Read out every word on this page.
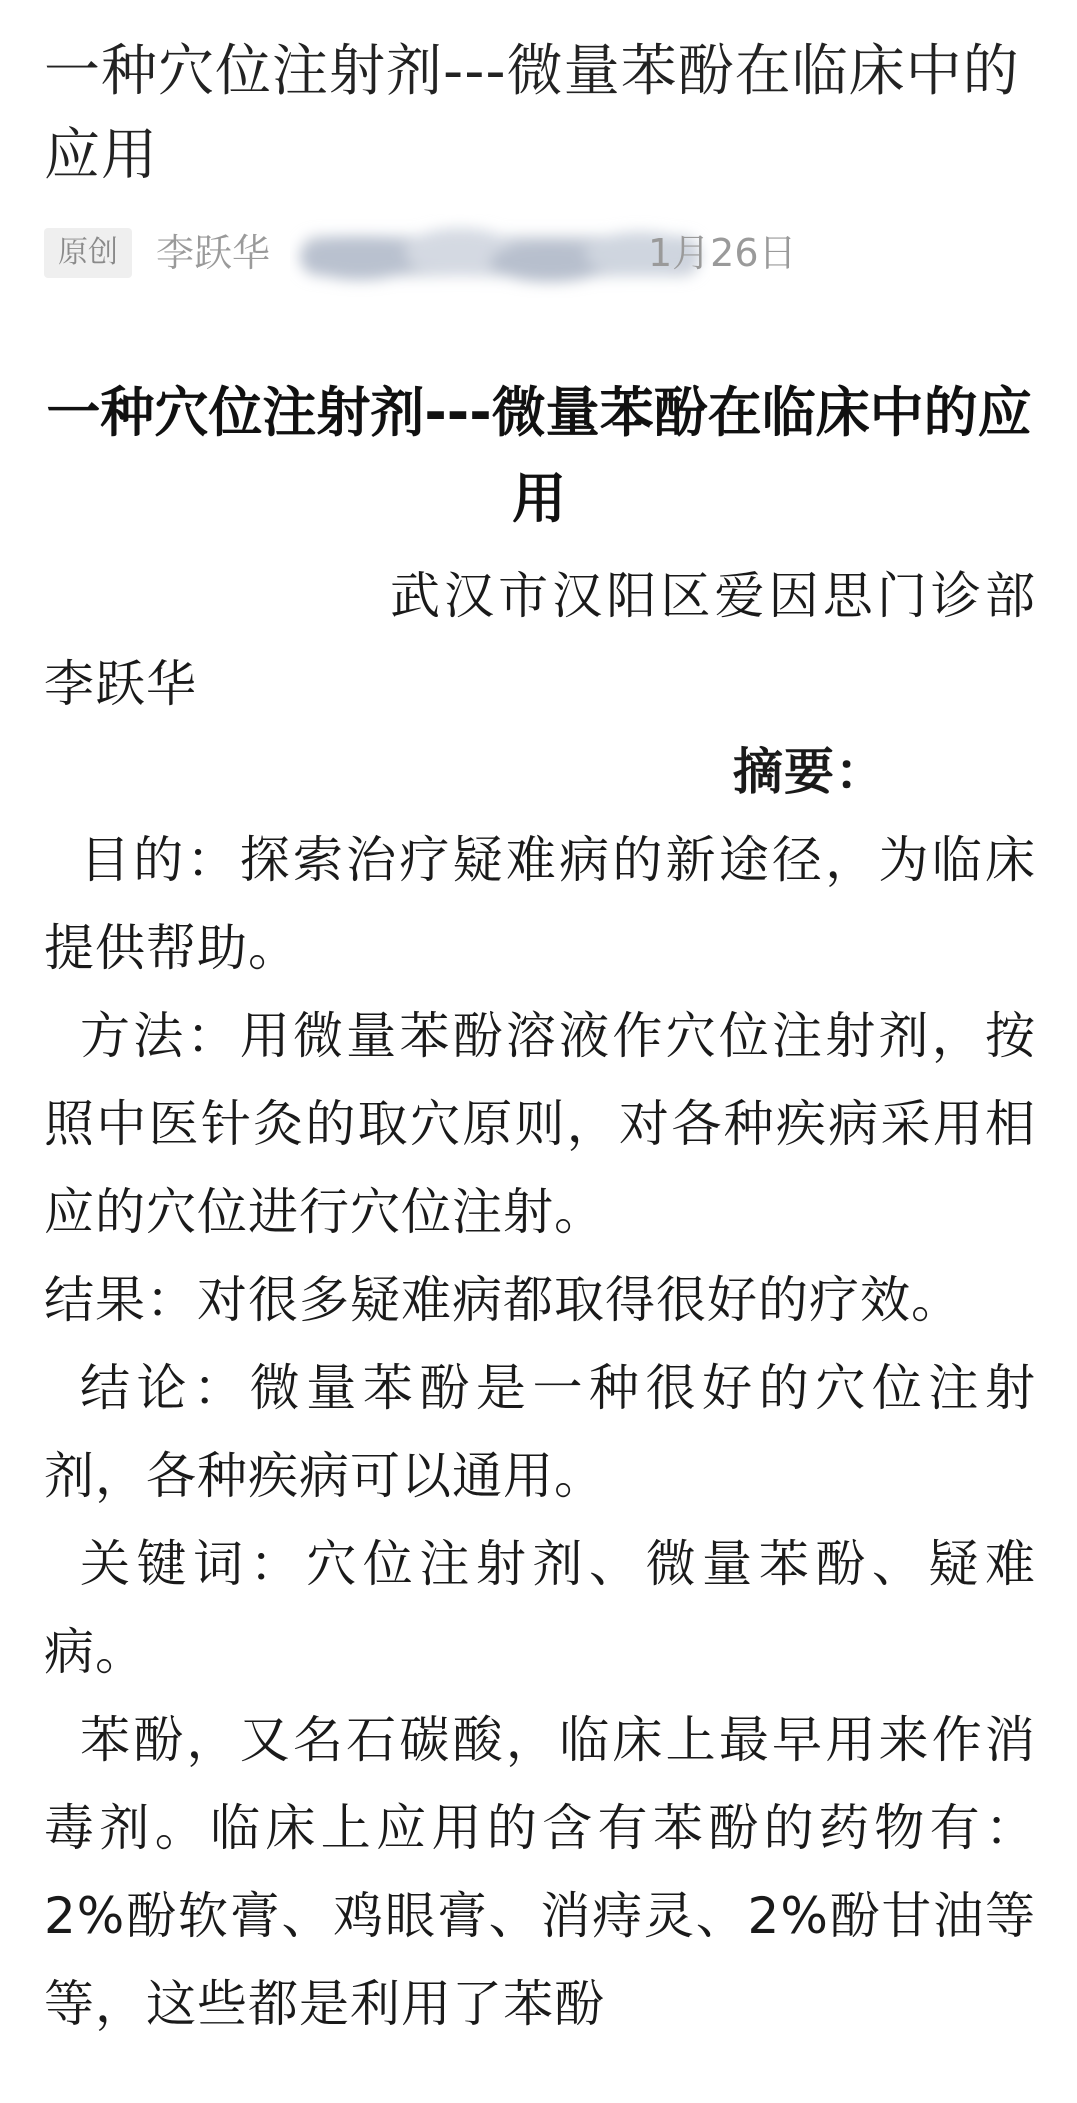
一种穴位注射剂---微量苯酚在临床中的应用
原创	李跃华	1月26日
一种穴位注射剂---微量苯酚在临床中的应用

武汉市汉阳区爱因思门诊部 李跃华

摘要：

目的：探索治疗疑难病的新途径，为临床提供帮助。

方法：用微量苯酚溶液作穴位注射剂，按照中医针灸的取穴原则，对各种疾病采用相应的穴位进行穴位注射。

结果：对很多疑难病都取得很好的疗效。

结论：微量苯酚是一种很好的穴位注射剂，各种疾病可以通用。

关键词：穴位注射剂、微量苯酚、疑难病。

苯酚，又名石碳酸，临床上最早用来作消毒剂。临床上应用的含有苯酚的药物有：2%酚软膏、鸡眼膏、消痔灵、2%酚甘油等等，这些都是利用了苯酚
